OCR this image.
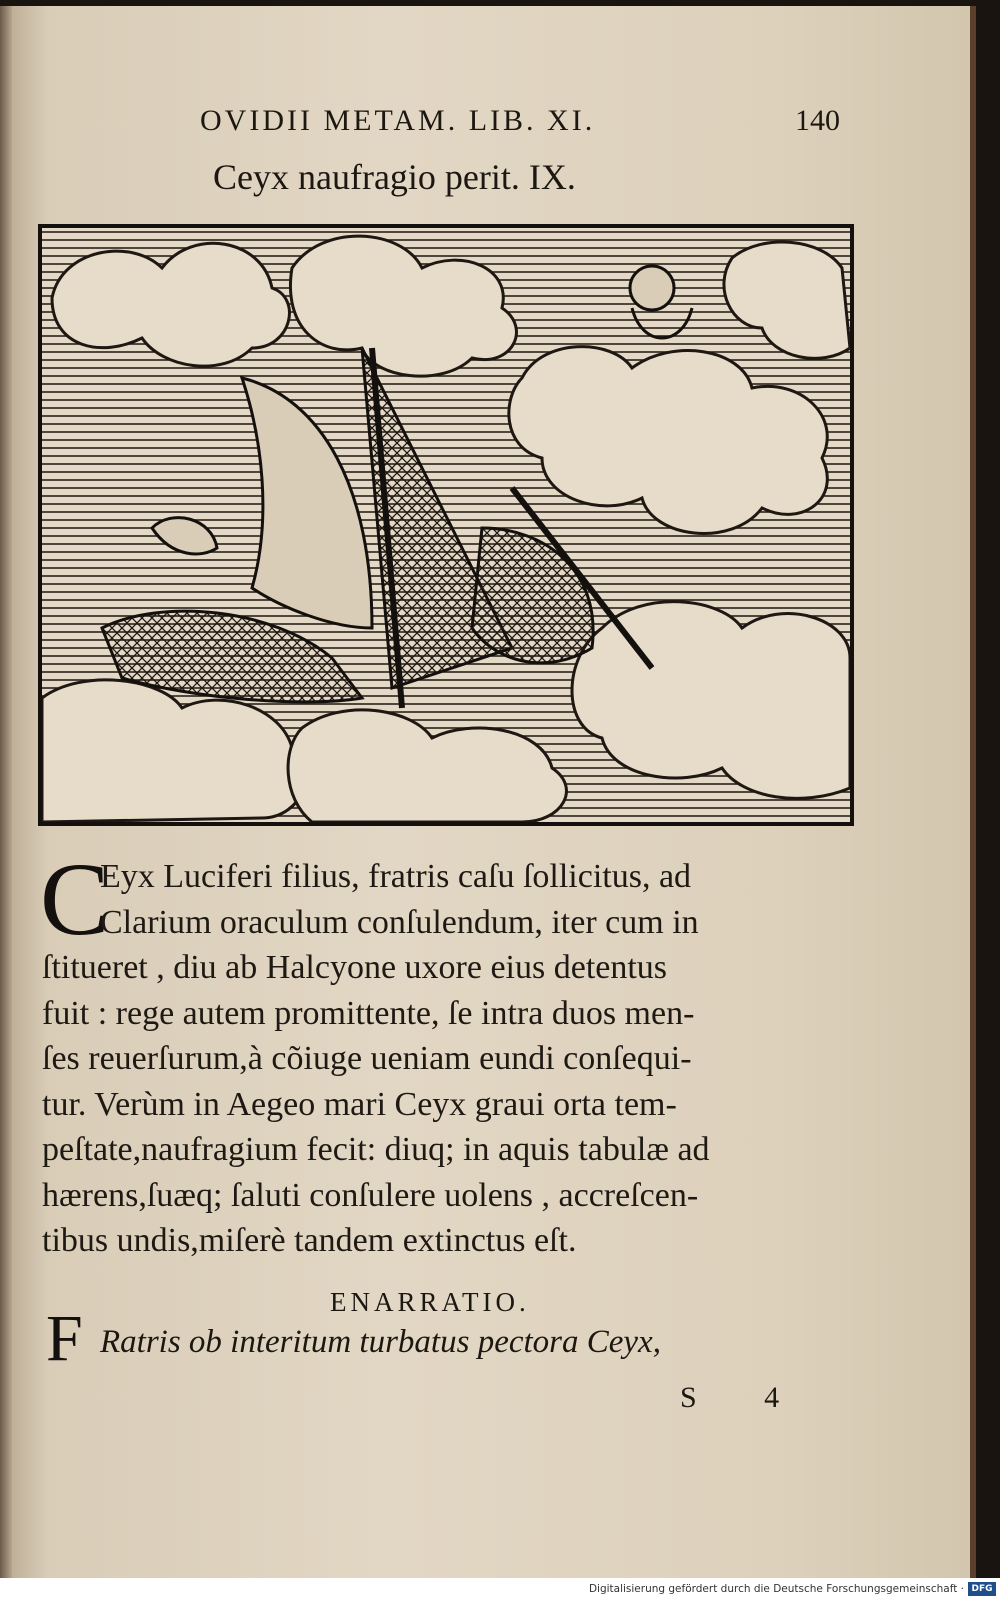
OVIDII METAM. LIB. XI.	140
Ceyx naufragio perit. IX.
C
Eyx Luciferi filius, fratris caſu ſollicitus, ad
Clarium oraculum conſulendum, iter cum in
ſtitueret , diu ab Halcyone uxore eius detentus
fuit : rege autem promittente, ſe intra duos men-
ſes reuerſurum,à cõiuge ueniam eundi conſequi-
tur. Verùm in Aegeo mari Ceyx graui orta tem-
peſtate,naufragium fecit: diuq; in aquis tabulæ ad
hærens,ſuæq; ſaluti conſulere uolens , accreſcen-
tibus undis,miſerè tandem extinctus eſt.
ENARRATIO.
F Ratris ob interitum turbatus pectora Ceyx,
S 4
Digitalisierung gefördert durch die Deutsche Forschungsgemeinschaft · DFG
